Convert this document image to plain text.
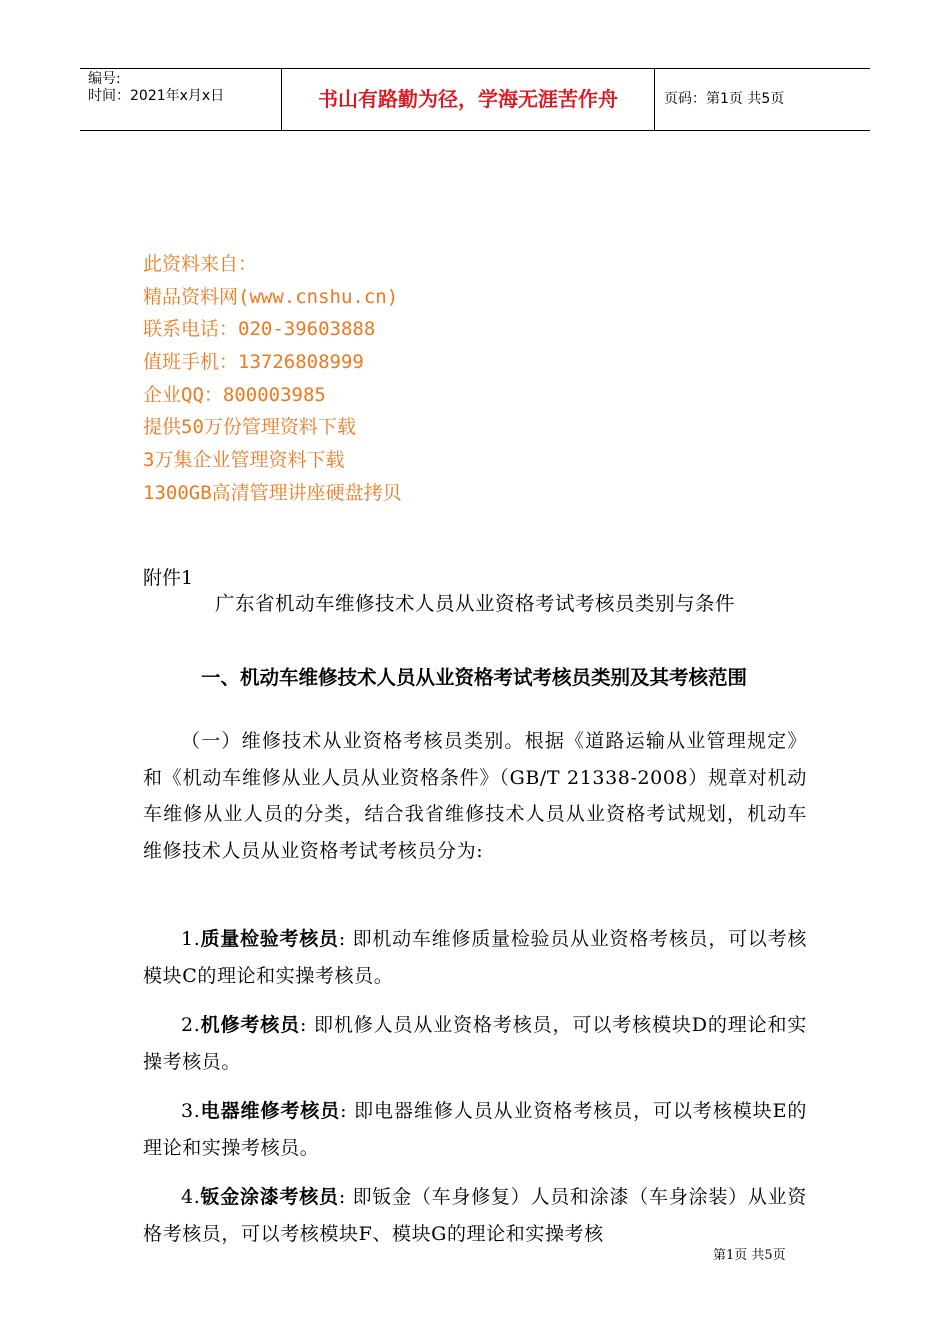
编号:
时间：2021年x月x日	书山有路勤为径，学海无涯苦作舟	页码：第1页 共5页
此资料来自：
精品资料网(www.cnshu.cn)
联系电话：020-39603888
值班手机：13726808999
企业QQ：800003985
提供50万份管理资料下载
3万集企业管理资料下载
1300GB高清管理讲座硬盘拷贝
附件1
广东省机动车维修技术人员从业资格考试考核员类别与条件
一、机动车维修技术人员从业资格考试考核员类别及其考核范围
（一）维修技术从业资格考核员类别。根据《道路运输从业管理规定》和《机动车维修从业人员从业资格条件》（GB/T 21338-2008）规章对机动车维修从业人员的分类，结合我省维修技术人员从业资格考试规划，机动车维修技术人员从业资格考试考核员分为:
1.质量检验考核员: 即机动车维修质量检验员从业资格考核员，可以考核模块C的理论和实操考核员。
2.机修考核员: 即机修人员从业资格考核员，可以考核模块D的理论和实操考核员。
3.电器维修考核员: 即电器维修人员从业资格考核员，可以考核模块E的理论和实操考核员。
4.钣金涂漆考核员: 即钣金（车身修复）人员和涂漆（车身涂装）从业资格考核员，可以考核模块F、模块G的理论和实操考核
第1页 共5页
